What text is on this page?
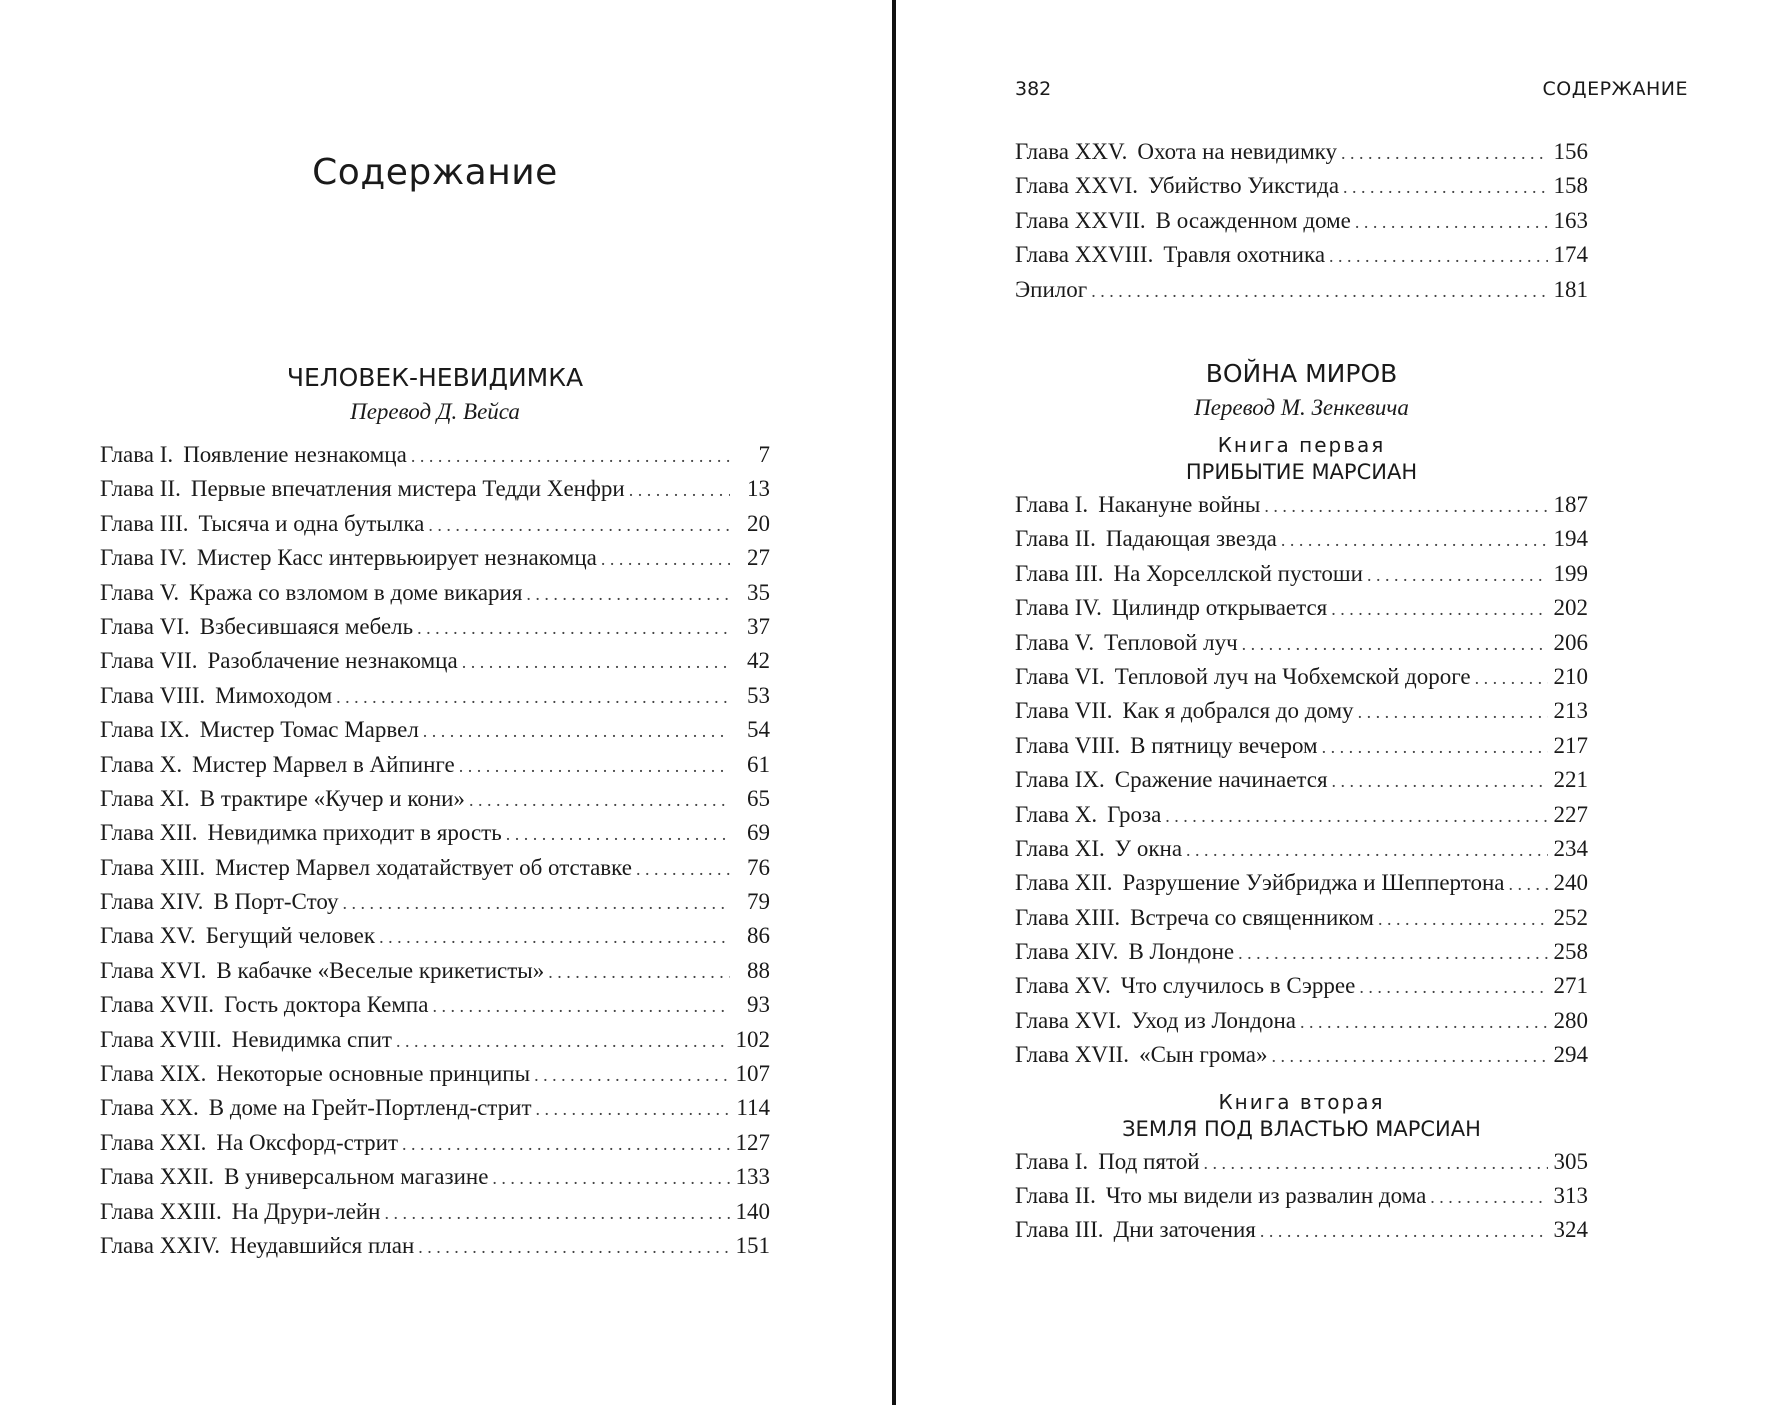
Содержание
ЧЕЛОВЕК-НЕВИДИМКА
Перевод Д. Вейса
Глава I. Появление незнакомца . . .	7
Глава II. Первые впечатления мистера Тедди Хенфри . . .	13
Глава III. Тысяча и одна бутылка . . .	20
Глава IV. Мистер Касс интервьюирует незнакомца . . .	27
Глава V. Кража со взломом в доме викария . . .	35
Глава VI. Взбесившаяся мебель . . .	37
Глава VII. Разоблачение незнакомца . . .	42
Глава VIII. Мимоходом . . .	53
Глава IX. Мистер Томас Марвел . . .	54
Глава X. Мистер Марвел в Айпинге . . .	61
Глава XI. В трактире «Кучер и кони» . . .	65
Глава XII. Невидимка приходит в ярость . . .	69
Глава XIII. Мистер Марвел ходатайствует об отставке . . .	76
Глава XIV. В Порт-Стоу . . .	79
Глава XV. Бегущий человек . . .	86
Глава XVI. В кабачке «Веселые крикетисты» . . .	88
Глава XVII. Гость доктора Кемпа . . .	93
Глава XVIII. Невидимка спит . . .	102
Глава XIX. Некоторые основные принципы . . .	107
Глава XX. В доме на Грейт-Портленд-стрит . . .	114
Глава XXI. На Оксфорд-стрит . . .	127
Глава XXII. В универсальном магазине . . .	133
Глава XXIII. На Друри-лейн . . .	140
Глава XXIV. Неудавшийся план . . .	151
382	СОДЕРЖАНИЕ
Глава XXV. Охота на невидимку . . .	156
Глава XXVI. Убийство Уикстида . . .	158
Глава XXVII. В осажденном доме . . .	163
Глава XXVIII. Травля охотника . . .	174
Эпилог . . .	181
ВОЙНА МИРОВ
Перевод М. Зенкевича
Книга первая
ПРИБЫТИЕ МАРСИАН
Глава I. Накануне войны . . .	187
Глава II. Падающая звезда . . .	194
Глава III. На Хорселлской пустоши . . .	199
Глава IV. Цилиндр открывается . . .	202
Глава V. Тепловой луч . . .	206
Глава VI. Тепловой луч на Чобхемской дороге . . .	210
Глава VII. Как я добрался до дому . . .	213
Глава VIII. В пятницу вечером . . .	217
Глава IX. Сражение начинается . . .	221
Глава X. Гроза . . .	227
Глава XI. У окна . . .	234
Глава XII. Разрушение Уэйбриджа и Шеппертона . . . 240
Глава XIII. Встреча со священником . . .	252
Глава XIV. В Лондоне . . .	258
Глава XV. Что случилось в Сэррее . . .	271
Глава XVI. Уход из Лондона . . .	280
Глава XVII. «Сын грома» . . .	294
Книга вторая
ЗЕМЛЯ ПОД ВЛАСТЬЮ МАРСИАН
Глава I. Под пятой . . .	305
Глава II. Что мы видели из развалин дома . . .	313
Глава III. Дни заточения . . .	324
